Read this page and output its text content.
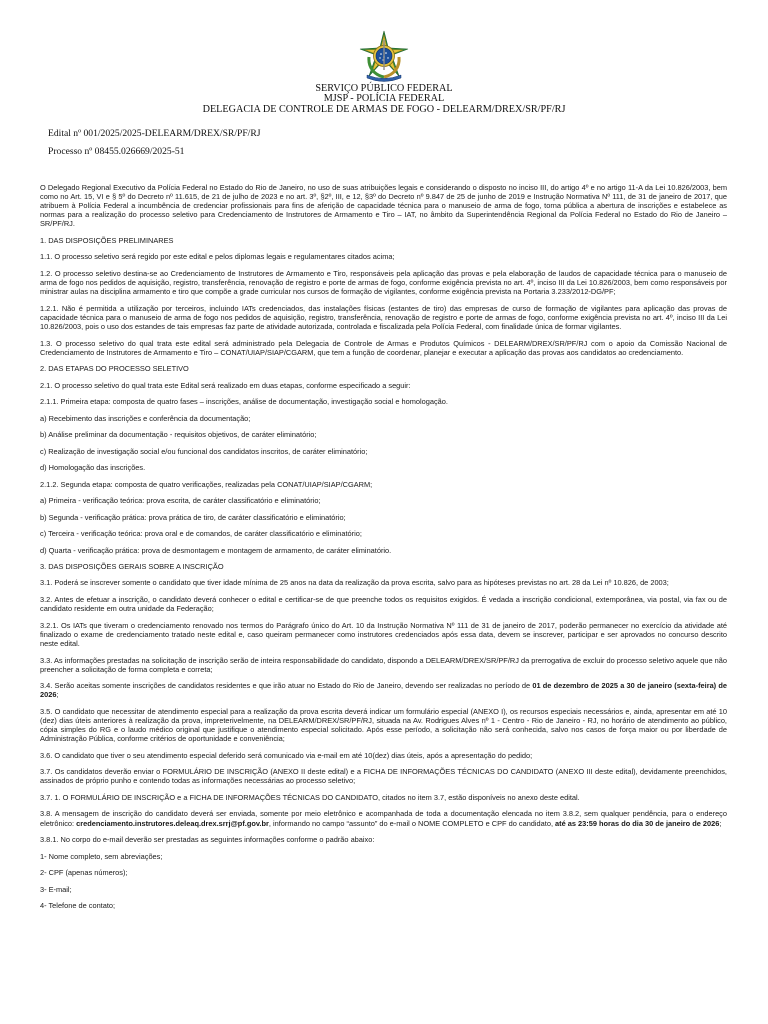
SERVIÇO PÚBLICO FEDERAL
MJSP - POLÍCIA FEDERAL
DELEGACIA DE CONTROLE DE ARMAS DE FOGO - DELEARM/DREX/SR/PF/RJ
Edital nº 001/2025/2025-DELEARM/DREX/SR/PF/RJ
Processo nº 08455.026669/2025-51

O Delegado Regional Executivo da Polícia Federal no Estado do Rio de Janeiro, no uso de suas atribuições legais e considerando o disposto no inciso III, do artigo 4º e no artigo 11-A da Lei 10.826/2003, bem como no Art. 15, VI e § 5º do Decreto nº 11.615, de 21 de julho de 2023 e no art. 3º, §2º, III, e 12, §3º do Decreto nº 9.847 de 25 de junho de 2019 e Instrução Normativa Nº 111, de 31 de janeiro de 2017, que atribuem à Polícia Federal a incumbência de credenciar profissionais para fins de aferição de capacidade técnica para o manuseio de arma de fogo, torna pública a abertura de inscrições e estabelece as normas para a realização do processo seletivo para Credenciamento de Instrutores de Armamento e Tiro – IAT, no âmbito da Superintendência Regional da Polícia Federal no Estado do Rio de Janeiro – SR/PF/RJ.

1. DAS DISPOSIÇÕES PRELIMINARES

1.1. O processo seletivo será regido por este edital e pelos diplomas legais e regulamentares citados acima;

1.2. O processo seletivo destina-se ao Credenciamento de Instrutores de Armamento e Tiro, responsáveis pela aplicação das provas e pela elaboração de laudos de capacidade técnica para o manuseio de arma de fogo nos pedidos de aquisição, registro, transferência, renovação de registro e porte de armas de fogo, conforme exigência prevista no art. 4º, inciso III da Lei 10.826/2003, bem como responsáveis por ministrar aulas na disciplina armamento e tiro que compõe a grade curricular nos cursos de formação de vigilantes, conforme exigência prevista na Portaria 3.233/2012-DG/PF;

1.2.1. Não é permitida a utilização por terceiros, incluindo IATs credenciados, das instalações físicas (estantes de tiro) das empresas de curso de formação de vigilantes para aplicação das provas de capacidade técnica para o manuseio de arma de fogo nos pedidos de aquisição, registro, transferência, renovação de registro e porte de armas de fogo, conforme exigência prevista no art. 4º, inciso III da Lei 10.826/2003, pois o uso dos estandes de tais empresas faz parte de atividade autorizada, controlada e fiscalizada pela Polícia Federal, com finalidade única de formar vigilantes.

1.3. O processo seletivo do qual trata este edital será administrado pela Delegacia de Controle de Armas e Produtos Químicos - DELEARM/DREX/SR/PF/RJ com o apoio da Comissão Nacional de Credenciamento de Instrutores de Armamento e Tiro – CONAT/UIAP/SIAP/CGARM, que tem a função de coordenar, planejar e executar a aplicação das provas aos candidatos ao credenciamento.

2. DAS ETAPAS DO PROCESSO SELETIVO

2.1. O processo seletivo do qual trata este Edital será realizado em duas etapas, conforme especificado a seguir:

2.1.1. Primeira etapa: composta de quatro fases – inscrições, análise de documentação, investigação social e homologação.

a) Recebimento das inscrições e conferência da documentação;

b) Análise preliminar da documentação - requisitos objetivos, de caráter eliminatório;

c) Realização de investigação social e/ou funcional dos candidatos inscritos, de caráter eliminatório;

d) Homologação das inscrições.

2.1.2. Segunda etapa: composta de quatro verificações, realizadas pela CONAT/UIAP/SIAP/CGARM;

a) Primeira - verificação teórica: prova escrita, de caráter classificatório e eliminatório;

b) Segunda - verificação prática: prova prática de tiro, de caráter classificatório e eliminatório;

c) Terceira - verificação teórica: prova oral e de comandos, de caráter classificatório e eliminatório;

d) Quarta - verificação prática: prova de desmontagem e montagem de armamento, de caráter eliminatório.

3. DAS DISPOSIÇÕES GERAIS SOBRE A INSCRIÇÃO

3.1. Poderá se inscrever somente o candidato que tiver idade mínima de 25 anos na data da realização da prova escrita, salvo para as hipóteses previstas no art. 28 da Lei nº 10.826, de 2003;

3.2. Antes de efetuar a inscrição, o candidato deverá conhecer o edital e certificar-se de que preenche todos os requisitos exigidos. É vedada a inscrição condicional, extemporânea, via postal, via fax ou de candidato residente em outra unidade da Federação;

3.2.1. Os IATs que tiveram o credenciamento renovado nos termos do Parágrafo único do Art. 10 da Instrução Normativa Nº 111 de 31 de janeiro de 2017, poderão permanecer no exercício da atividade até finalizado o exame de credenciamento tratado neste edital e, caso queiram permanecer como instrutores credenciados após essa data, devem se inscrever, participar e ser aprovados no concurso descrito neste edital.

3.3. As informações prestadas na solicitação de inscrição serão de inteira responsabilidade do candidato, dispondo a DELEARM/DREX/SR/PF/RJ da prerrogativa de excluir do processo seletivo aquele que não preencher a solicitação de forma completa e correta;

3.4. Serão aceitas somente inscrições de candidatos residentes e que irão atuar no Estado do Rio de Janeiro, devendo ser realizadas no período de 01 de dezembro de 2025 a 30 de janeiro (sexta-feira) de 2026;

3.5. O candidato que necessitar de atendimento especial para a realização da prova escrita deverá indicar um formulário especial (ANEXO I), os recursos especiais necessários e, ainda, apresentar em até 10 (dez) dias úteis anteriores à realização da prova, impreterivelmente, na DELEARM/DREX/SR/PF/RJ, situada na Av. Rodrigues Alves nº 1 - Centro - Rio de Janeiro - RJ, no horário de atendimento ao público, cópia simples do RG e o laudo médico original que justifique o atendimento especial solicitado. Após esse período, a solicitação não será conhecida, salvo nos casos de força maior ou por liberdade de Administração Pública, conforme critérios de oportunidade e conveniência;

3.6. O candidato que tiver o seu atendimento especial deferido será comunicado via e-mail em até 10(dez) dias úteis, após a apresentação do pedido;

3.7. Os candidatos deverão enviar o FORMULÁRIO DE INSCRIÇÃO (ANEXO II deste edital) e a FICHA DE INFORMAÇÕES TÉCNICAS DO CANDIDATO (ANEXO III deste edital), devidamente preenchidos, assinados de próprio punho e contendo todas as informações necessárias ao processo seletivo;

3.7. 1. O FORMULÁRIO DE INSCRIÇÃO e a FICHA DE INFORMAÇÕES TÉCNICAS DO CANDIDATO, citados no item 3.7, estão disponíveis no anexo deste edital.

3.8. A mensagem de inscrição do candidato deverá ser enviada, somente por meio eletrônico e acompanhada de toda a documentação elencada no item 3.8.2, sem qualquer pendência, para o endereço eletrônico: credenciamento.instrutores.deleaq.drex.srrj@pf.gov.br, informando no campo “assunto” do e-mail o NOME COMPLETO e CPF do candidato, até as 23:59 horas do dia 30 de janeiro de 2026;

3.8.1. No corpo do e-mail deverão ser prestadas as seguintes informações conforme o padrão abaixo:

1- Nome completo, sem abreviações;

2- CPF (apenas números);

3- E-mail;

4- Telefone de contato;
